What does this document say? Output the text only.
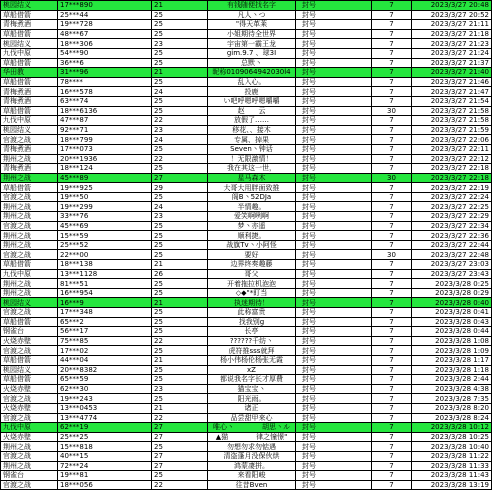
桃园结义	17***890	21	有钱随便找名字	封号	7	2023/3/27 20:48
草船借箭	25***44	25	凡人丶つ	封号	7	2023/3/27 20:52
青梅煮酒	19***728	25	"得天革莱	封号	7	2023/3/27 21:11
草船借箭	48***67	25	小姐期待全世界	封号	7	2023/3/27 21:18
桃园结义	18***306	23	宇宙第一霸王龙	封号	7	2023/3/27 21:23
九伐中原	54***90	25	gim.9.7 、球3I	封号	7	2023/3/27 21:24
草船借箭	36***6	25	总默丶	封号	7	2023/3/27 21:37
华田教	31***96	21	昵称0109064942030l4	封号	7	2023/3/27 21:40
草船借箭	78****	25	乱入心。	封号	7	2023/3/27 21:46
青梅煮酒	16***578	24	投鹿	封号	7	2023/3/27 21:47
青梅煮酒	63***74	25	い吧呼嗯呼嗯嚼嚼	封号	7	2023/3/27 21:54
草船借箭	18***6136	25	赵　　云	封号	30	2023/3/27 21:58
九伐中原	47***87	22	放假了……	封号	7	2023/3/27 21:58
桃园结义	92***71	23	移花、、接木	封号	7	2023/3/27 21:59
官渡之战	18***799	24	专属、掉果	封号	7	2023/3/27 22:06
青梅煮酒	17***073	25	Seven丶钟话	封号	7	2023/3/27 22:11
荆州之战	20***1936	22	！无限激情！	封号	7	2023/3/27 22:12
青梅煮酒	18***124	25	我在其这一世，	封号	7	2023/3/27 22:18
荆州之战	45***89	27	星马森木	封号	30	2023/3/27 22:18
草船借箭	19***925	29	大哥大用胖面致推	封号	7	2023/3/27 22:19
官渡之战	19***50	25	阁B丶52DJa	封号	7	2023/3/27 22:24
荆州之战	19***299	24	半情趣。	封号	7	2023/3/27 22:25
荆州之战	33***76	23	爱笑啊咧啊	封号	7	2023/3/27 22:29
官渡之战	45***69	25	梦丶亦遥	封号	7	2023/3/27 22:34
荆州之战	15***59	25	顺利捷。	封号	7	2023/3/27 22:36
荆州之战	25***52	25	战旗Tv丶小阿怪	封号	7	2023/3/27 22:44
官渡之战	22***00	25	要好	封号	30	2023/3/27 22:48
草船借箭	18***138	21	边界终奏趣藤	封号	7	2023/3/27 23:03
九伐中原	13***1128	26	哥父	封号	7	2023/3/27 23:43
荆州之战	81***51	25	开着拖拉机泡泡	封号	7	2023/3/28 0:25
荆州之战	16***954	25	◇◆"*盯当	封号	7	2023/3/28 0:29
桃园结义	16***9	21	执迷期待！	封号	7	2023/3/28 0:40
官渡之战	17***348	25	此称富贵	封号	7	2023/3/28 0:41
草船借箭	65***2	25	找我别g	封号	7	2023/3/28 0:43
钢雀台	56***17	25	长亭	封号	7	2023/3/28 0:44
火烧赤壁	75***85	22	??????千纺丶	封号	7	2023/3/28 1:08
官渡之战	17***02	25	虎符推sss就拜	封号	7	2023/3/28 1:09
草船借箭	44***04	21	杨小伟杨伦杨张无霞	封号	7	2023/3/28 1:17
桃园结义	20***8382	25	xZ	封号	7	2023/3/28 1:18
草船借箭	65***59	25	都说我名字长才厚費	封号	7	2023/3/28 2:44
火烧赤壁	62***30	23	猫宝宝丶	封号	7	2023/3/28 4:38
官渡之战	19***243	25	阳光雨。	封号	7	2023/3/28 7:35
火烧赤壁	13***0453	21	诸正	封号	7	2023/3/28 8:20
官渡之战	13***4774	22	品尝甜甲来心	封号	7	2023/3/28 8:24
九伐中原	62***19	27	唯心丶　　　　胡思丶ル	封号	7	2023/3/28 10:12
火烧赤壁	25***25	27	▲猫　　　　律之憧憬"	封号	7	2023/3/28 10:25
荆州之战	15***818	25	勿想勿求勿惦遇	封号	7	2023/3/28 10:40
官渡之战	40***15	27	清盗蓬月没保伙烘	封号	7	2023/3/28 11:22
荆州之战	72***24	27	鸿蒙凄拼。	封号	7	2023/3/28 11:33
钢雀台	19***81	25	来看阳峻	封号	7	2023/3/28 11:43
官渡之战	18***056	22	往昔Bven	封号	7	2023/3/28 13:19
